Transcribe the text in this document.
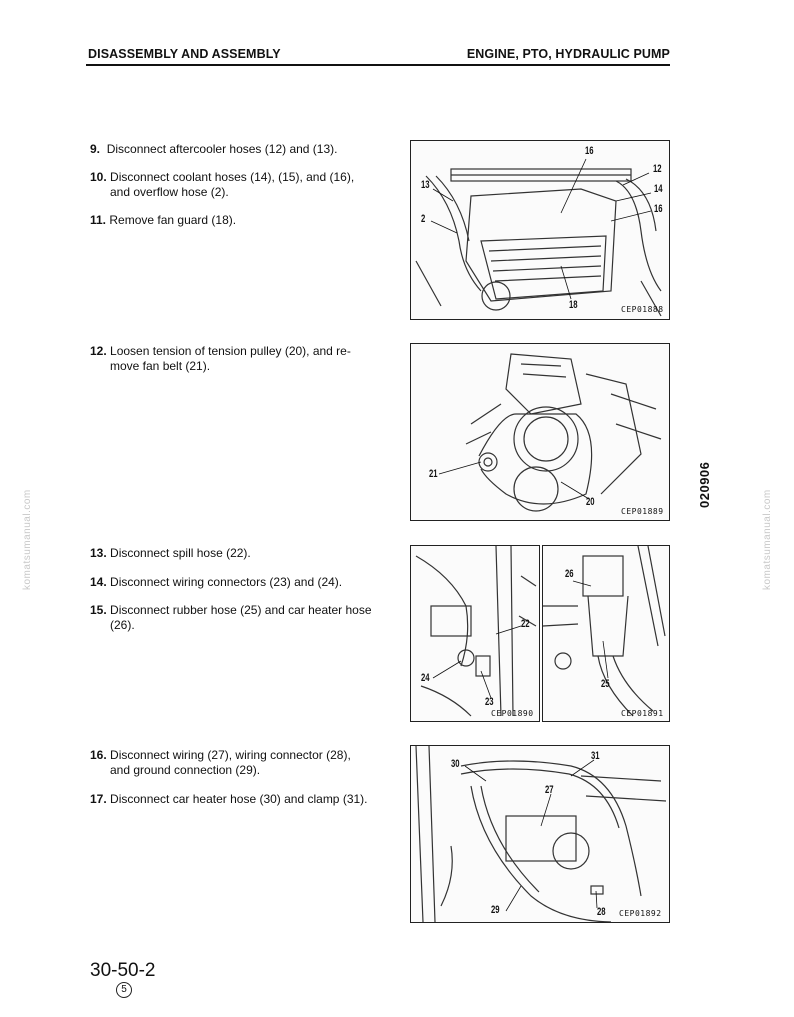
DISASSEMBLY AND ASSEMBLY	ENGINE, PTO, HYDRAULIC PUMP
9. Disconnect aftercooler hoses (12) and (13).
10. Disconnect coolant hoses (14), (15), and (16),
and overflow hose (2).
11. Remove fan guard (18).
12. Loosen tension of tension pulley (20), and re-
move fan belt (21).
13. Disconnect spill hose (22).
14. Disconnect wiring connectors (23) and (24).
15. Disconnect rubber hose (25) and car heater hose
(26).
16. Disconnect wiring (27), wiring connector (28),
and ground connection (29).
17. Disconnect car heater hose (30) and clamp (31).
16
12
13	14
2
16
18	CEP01888
21
20
CEP01889
22
24
23
CEP01890
26
25
CEP01891
31
30
27
29	28 CEP01892
020906
komatsumanual.com	komatsumanual.com
30-50-2
5
